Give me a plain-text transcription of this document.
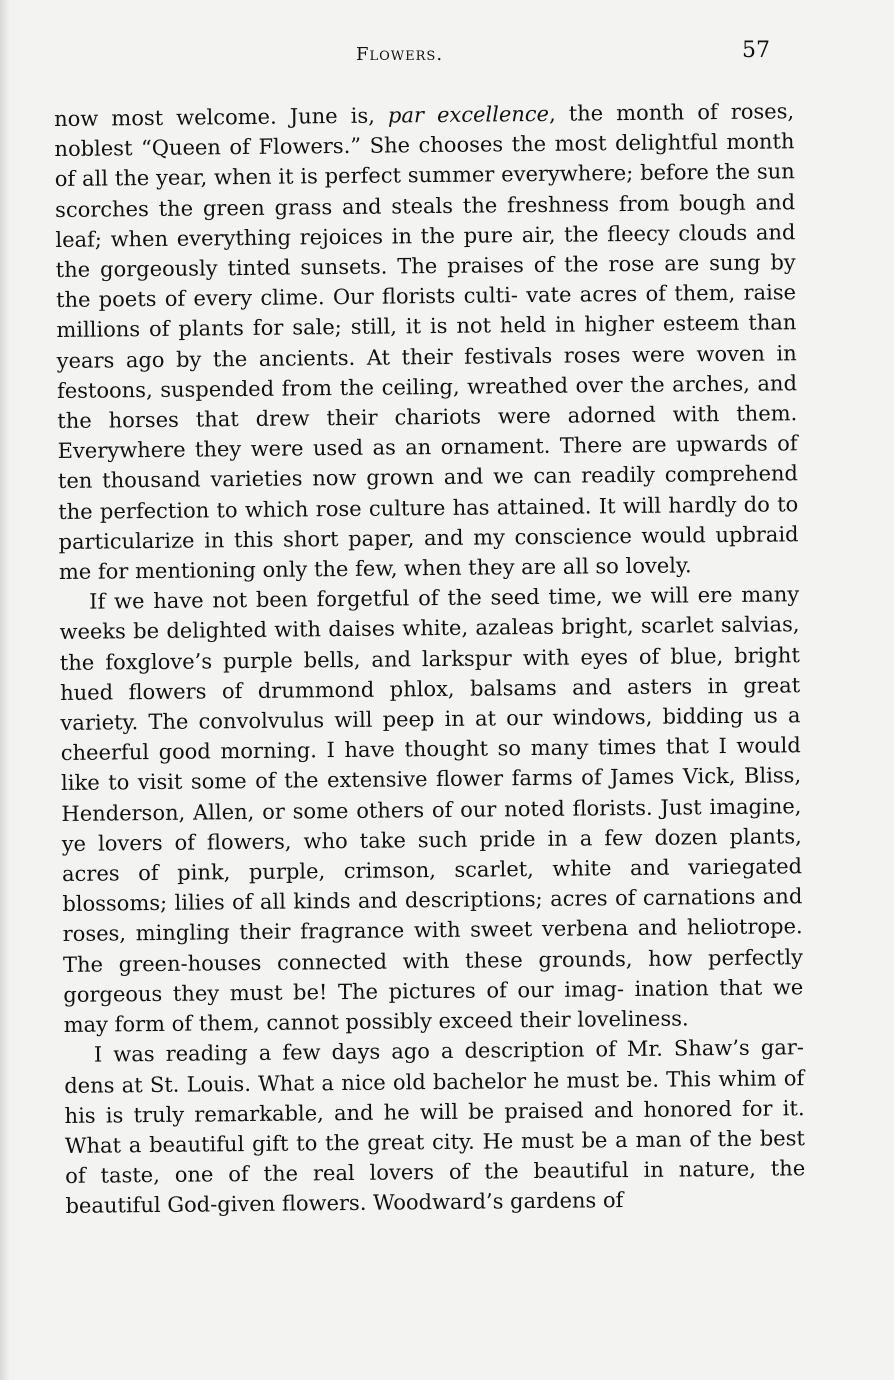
Flowers.	57

now most welcome. June is, par excellence, the month of roses, noblest “Queen of Flowers.” She chooses the most delightful month of all the year, when it is perfect summer everywhere; before the sun scorches the green grass and steals the freshness from bough and leaf; when everything rejoices in the pure air, the fleecy clouds and the gorgeously tinted sunsets. The praises of the rose are sung by the poets of every clime. Our florists culti- vate acres of them, raise millions of plants for sale; still, it is not held in higher esteem than years ago by the ancients. At their festivals roses were woven in festoons, suspended from the ceiling, wreathed over the arches, and the horses that drew their chariots were adorned with them. Everywhere they were used as an ornament. There are upwards of ten thousand varieties now grown and we can readily comprehend the perfection to which rose culture has attained. It will hardly do to particularize in this short paper, and my conscience would upbraid me for mentioning only the few, when they are all so lovely.

If we have not been forgetful of the seed time, we will ere many weeks be delighted with daises white, azaleas bright, scarlet salvias, the foxglove’s purple bells, and larkspur with eyes of blue, bright hued flowers of drummond phlox, balsams and asters in great variety. The convolvulus will peep in at our windows, bidding us a cheerful good morning. I have thought so many times that I would like to visit some of the extensive flower farms of James Vick, Bliss, Henderson, Allen, or some others of our noted florists. Just imagine, ye lovers of flowers, who take such pride in a few dozen plants, acres of pink, purple, crimson, scarlet, white and variegated blossoms; lilies of all kinds and descriptions; acres of carnations and roses, mingling their fragrance with sweet verbena and heliotrope. The green-houses connected with these grounds, how perfectly gorgeous they must be! The pictures of our imag- ination that we may form of them, cannot possibly exceed their loveliness.

I was reading a few days ago a description of Mr. Shaw’s gar- dens at St. Louis. What a nice old bachelor he must be. This whim of his is truly remarkable, and he will be praised and honored for it. What a beautiful gift to the great city. He must be a man of the best of taste, one of the real lovers of the beautiful in nature, the beautiful God-given flowers. Woodward’s gardens of
